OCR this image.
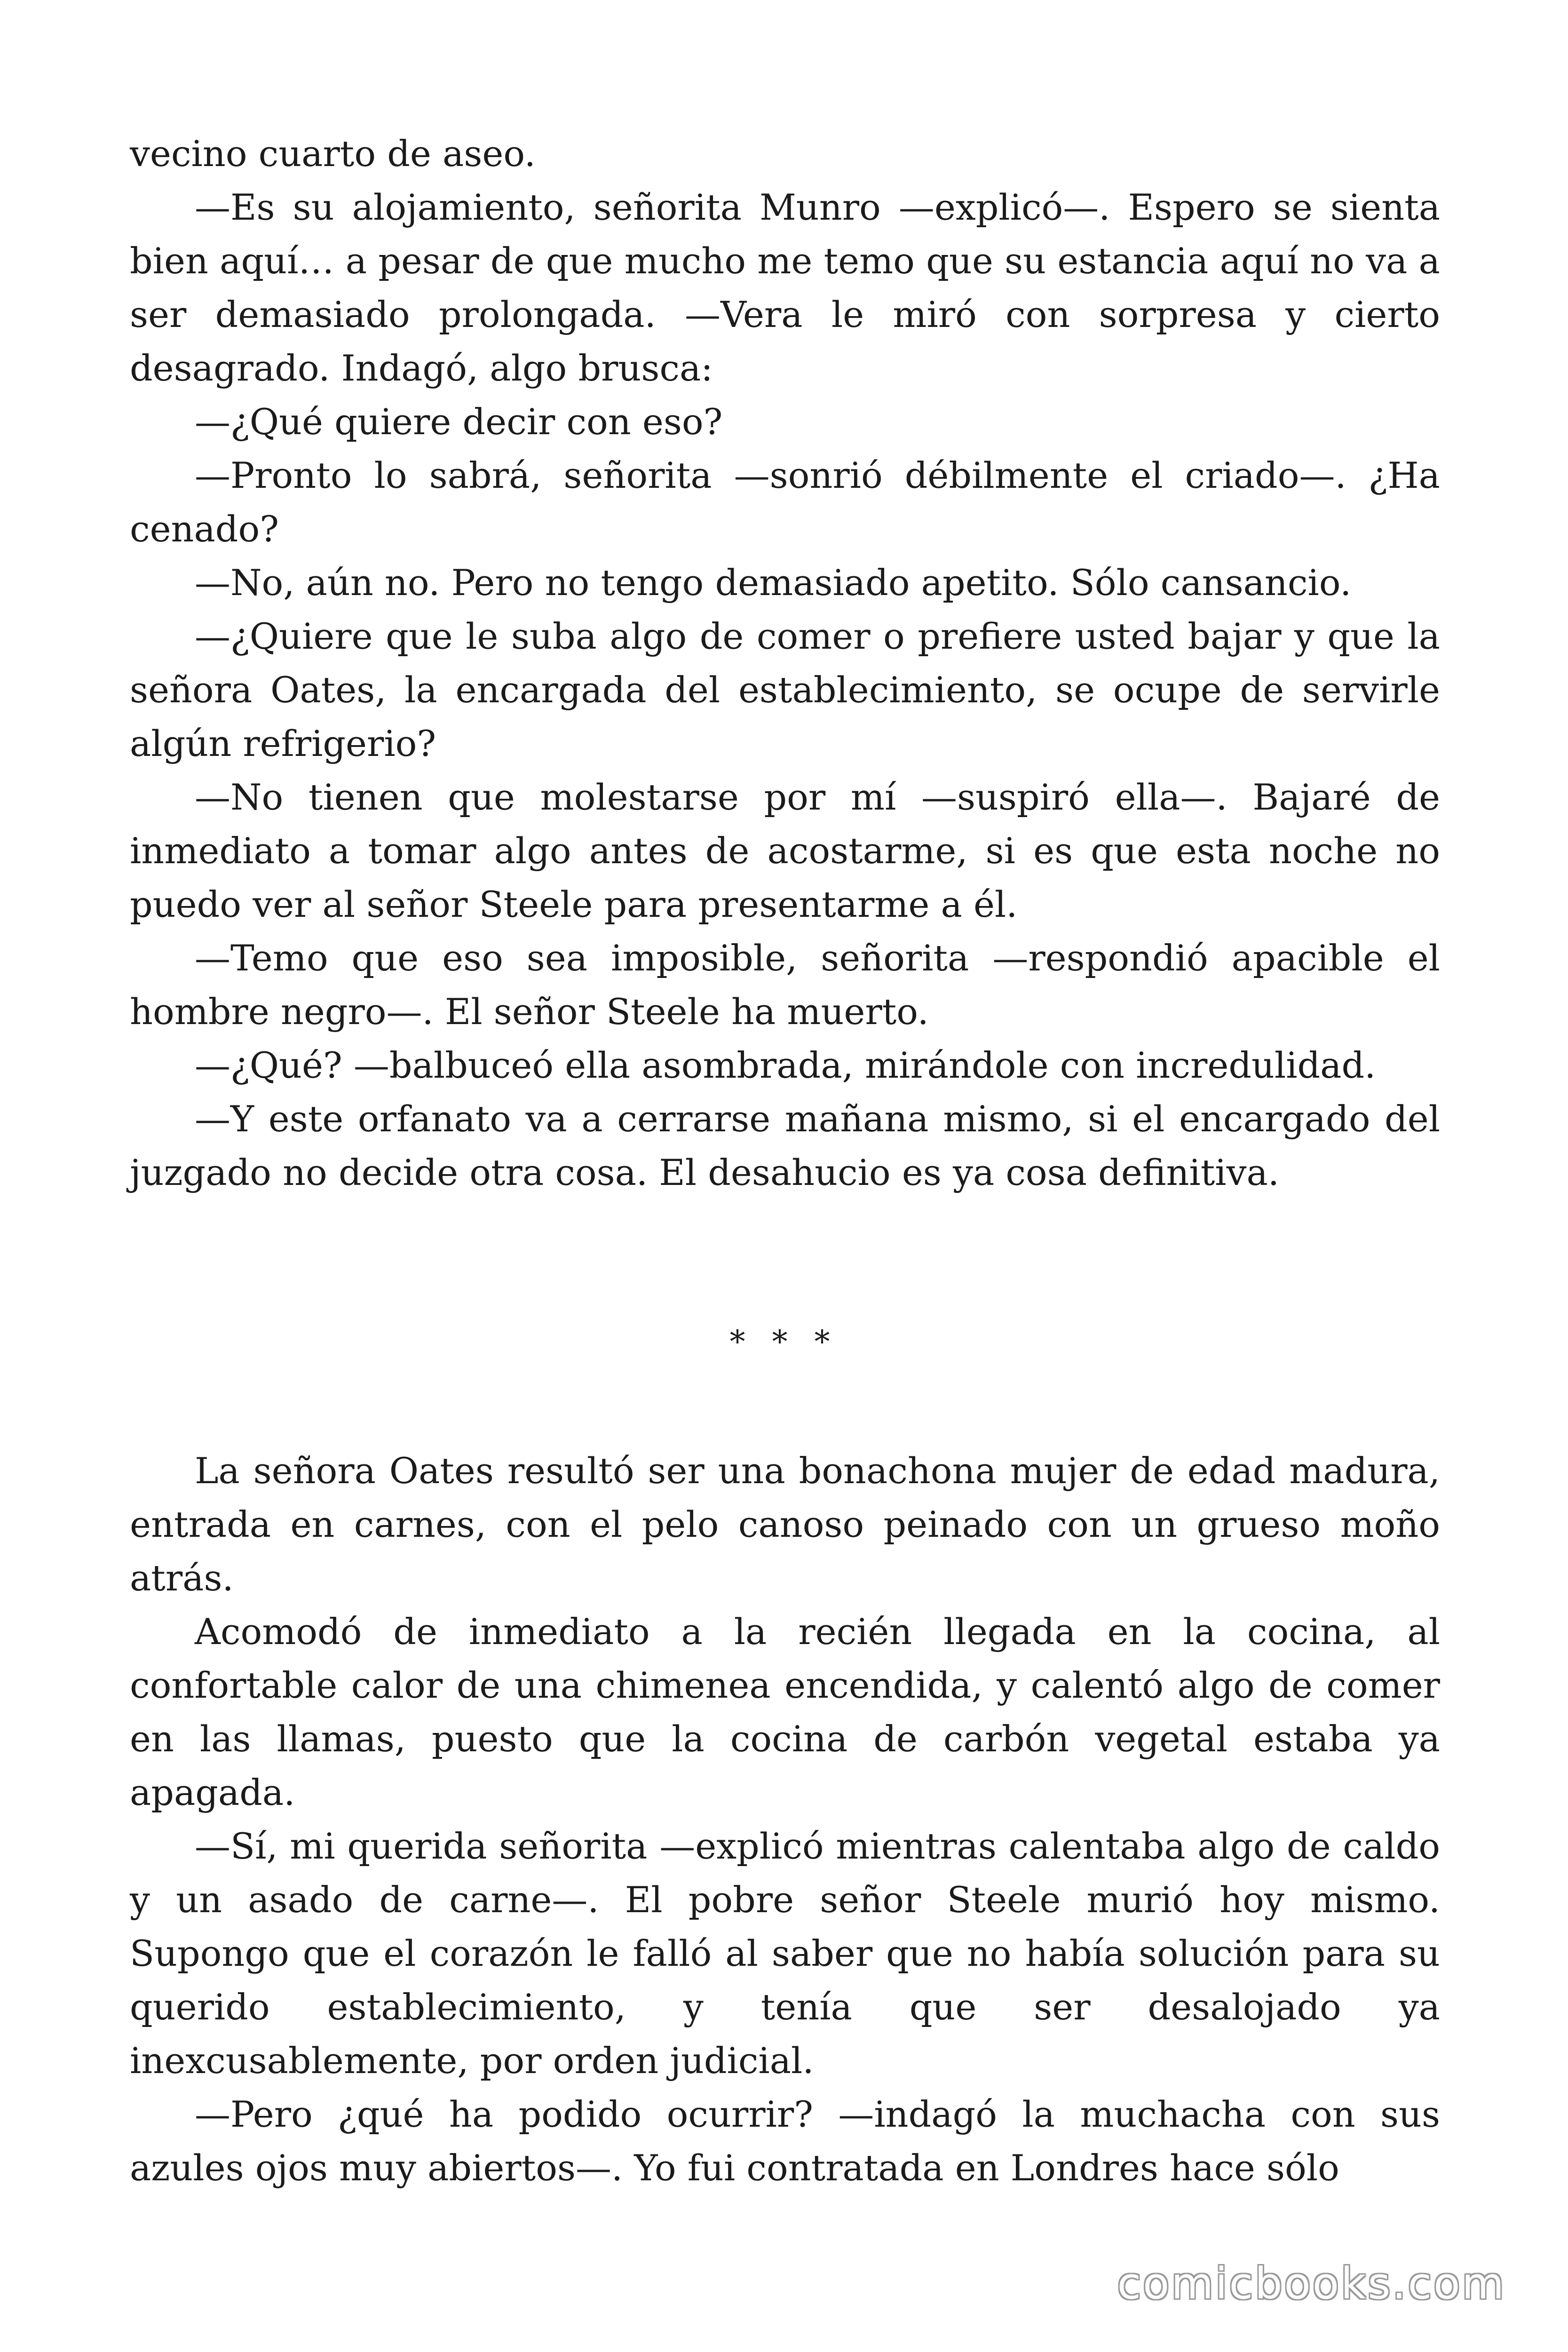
vecino cuarto de aseo.

—Es su alojamiento, señorita Munro —explicó—. Espero se sienta bien aquí… a pesar de que mucho me temo que su estancia aquí no va a ser demasiado prolongada. —Vera le miró con sorpresa y cierto desagrado. Indagó, algo brusca:

—¿Qué quiere decir con eso?

—Pronto lo sabrá, señorita —sonrió débilmente el criado—. ¿Ha cenado?

—No, aún no. Pero no tengo demasiado apetito. Sólo cansancio.

—¿Quiere que le suba algo de comer o prefiere usted bajar y que la señora Oates, la encargada del establecimiento, se ocupe de servirle algún refrigerio?

—No tienen que molestarse por mí —suspiró ella—. Bajaré de inmediato a tomar algo antes de acostarme, si es que esta noche no puedo ver al señor Steele para presentarme a él.

—Temo que eso sea imposible, señorita —respondió apacible el hombre negro—. El señor Steele ha muerto.

—¿Qué? —balbuceó ella asombrada, mirándole con incredulidad.

—Y este orfanato va a cerrarse mañana mismo, si el encargado del juzgado no decide otra cosa. El desahucio es ya cosa definitiva.

* * *

La señora Oates resultó ser una bonachona mujer de edad madura, entrada en carnes, con el pelo canoso peinado con un grueso moño atrás.

Acomodó de inmediato a la recién llegada en la cocina, al confortable calor de una chimenea encendida, y calentó algo de comer en las llamas, puesto que la cocina de carbón vegetal estaba ya apagada.

—Sí, mi querida señorita —explicó mientras calentaba algo de caldo y un asado de carne—. El pobre señor Steele murió hoy mismo. Supongo que el corazón le falló al saber que no había solución para su querido establecimiento, y tenía que ser desalojado ya inexcusablemente, por orden judicial.

—Pero ¿qué ha podido ocurrir? —indagó la muchacha con sus azules ojos muy abiertos—. Yo fui contratada en Londres hace sólo

comicbooks.com
